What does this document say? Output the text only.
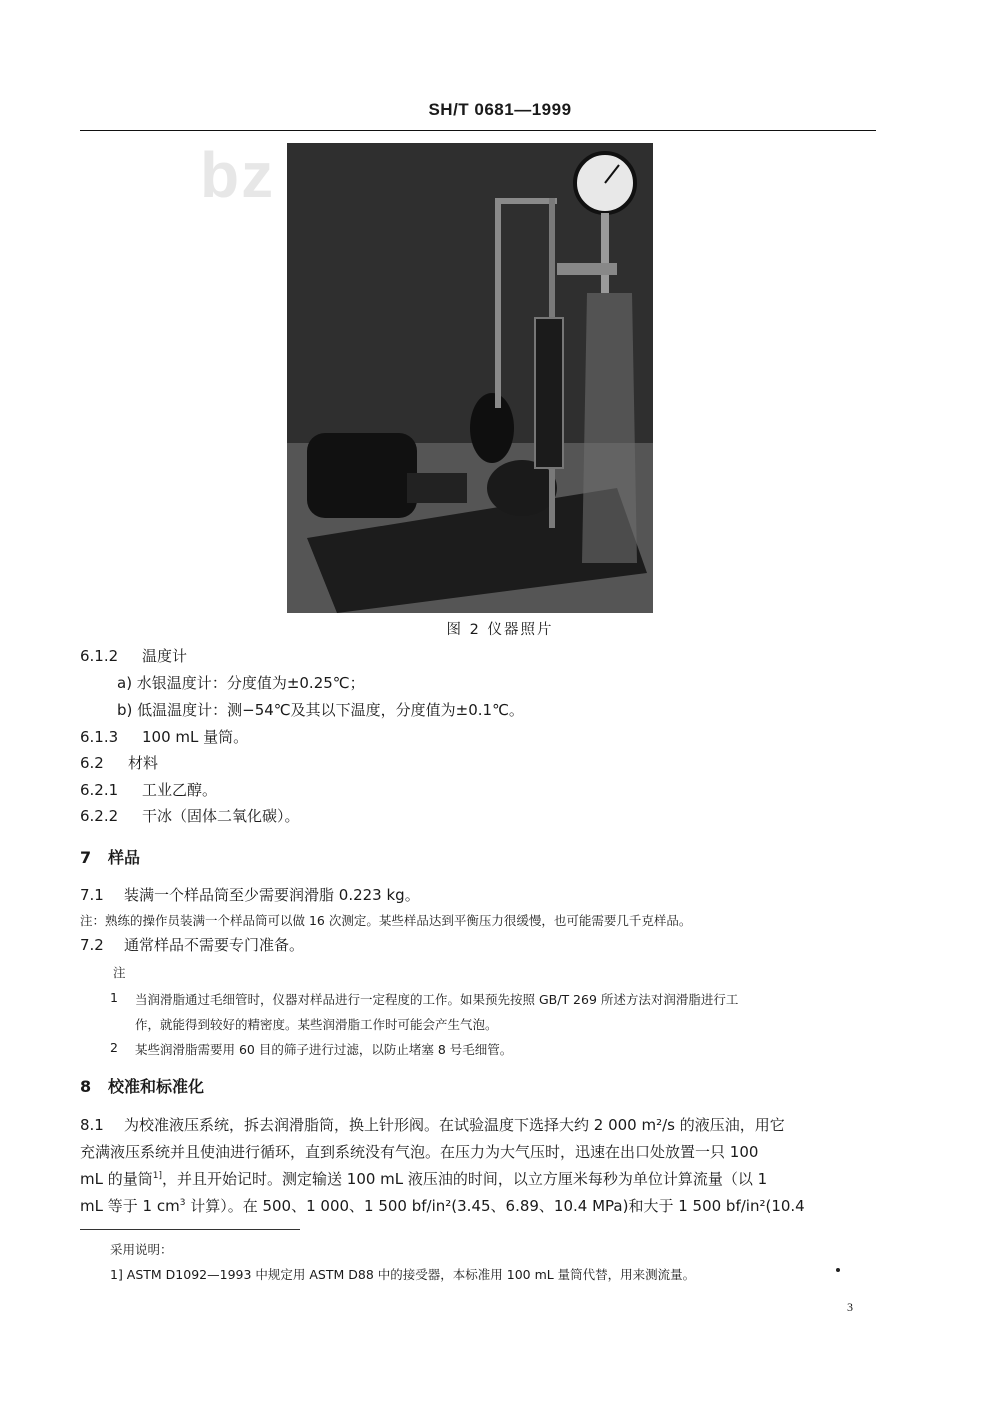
SH/T 0681—1999
bz
图 2 仪器照片
6.1.2 温度计
a) 水银温度计：分度值为±0.25℃；
b) 低温温度计：测−54℃及其以下温度，分度值为±0.1℃。
6.1.3 100 mL 量筒。
6.2 材料
6.2.1 工业乙醇。
6.2.2 干冰（固体二氧化碳）。
7 样品
7.1 装满一个样品筒至少需要润滑脂 0.223 kg。
注：熟练的操作员装满一个样品筒可以做 16 次测定。某些样品达到平衡压力很缓慢，也可能需要几千克样品。
7.2 通常样品不需要专门准备。
注
1 当润滑脂通过毛细管时，仪器对样品进行一定程度的工作。如果预先按照 GB/T 269 所述方法对润滑脂进行工
作，就能得到较好的精密度。某些润滑脂工作时可能会产生气泡。
2 某些润滑脂需要用 60 目的筛子进行过滤，以防止堵塞 8 号毛细管。
8 校准和标准化
8.1 为校准液压系统，拆去润滑脂筒，换上针形阀。在试验温度下选择大约 2 000 m²/s 的液压油，用它
充满液压系统并且使油进行循环，直到系统没有气泡。在压力为大气压时，迅速在出口处放置一只 100
mL 的量筒$^{1]}$，并且开始记时。测定输送 100 mL 液压油的时间，以立方厘米每秒为单位计算流量（以 1
mL 等于 1 $cm^3$ 计算）。在 500、1 000、1 500 bf/in²(3.45、6.89、10.4 MPa)和大于 1 500 bf/in²(10.4
采用说明：
1] ASTM D1092—1993 中规定用 ASTM D88 中的接受器，本标准用 100 mL 量筒代替，用来测流量。
3
